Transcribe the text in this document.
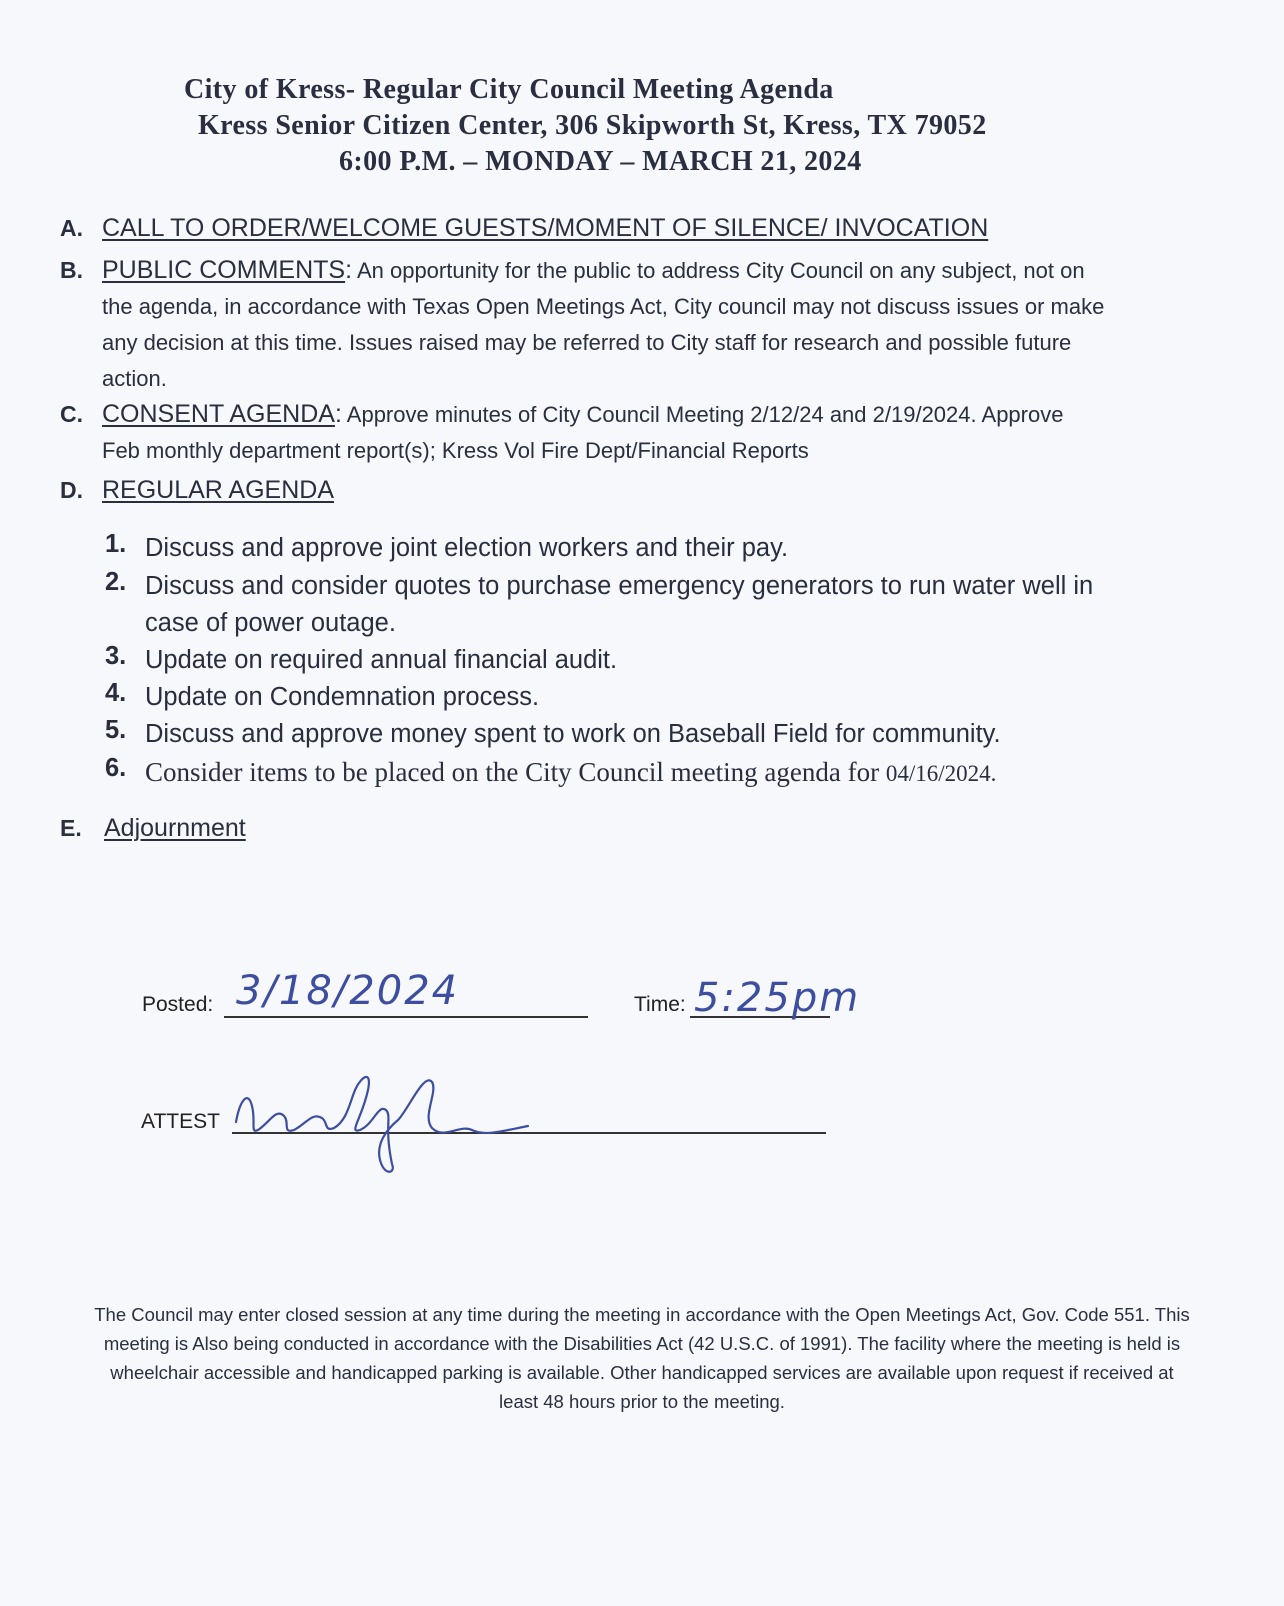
City of Kress- Regular City Council Meeting Agenda
Kress Senior Citizen Center, 306 Skipworth St, Kress, TX 79052
6:00 P.M. – MONDAY – MARCH 21, 2024
A. CALL TO ORDER/WELCOME GUESTS/MOMENT OF SILENCE/ INVOCATION
B. PUBLIC COMMENTS: An opportunity for the public to address City Council on any subject, not on
the agenda, in accordance with Texas Open Meetings Act, City council may not discuss issues or make
any decision at this time. Issues raised may be referred to City staff for research and possible future
action.
C. CONSENT AGENDA: Approve minutes of City Council Meeting 2/12/24 and 2/19/2024. Approve
Feb monthly department report(s); Kress Vol Fire Dept/Financial Reports
D. REGULAR AGENDA
1. Discuss and approve joint election workers and their pay.
2. Discuss and consider quotes to purchase emergency generators to run water well in
case of power outage.
3. Update on required annual financial audit.
4. Update on Condemnation process.
5. Discuss and approve money spent to work on Baseball Field for community.
6. Consider items to be placed on the City Council meeting agenda for 04/16/2024.
E. Adjournment
Posted: 3/18/2024	Time: 5:25pm
ATTEST
The Council may enter closed session at any time during the meeting in accordance with the Open Meetings Act, Gov. Code 551. This
meeting is Also being conducted in accordance with the Disabilities Act (42 U.S.C. of 1991). The facility where the meeting is held is
wheelchair accessible and handicapped parking is available. Other handicapped services are available upon request if received at
least 48 hours prior to the meeting.
